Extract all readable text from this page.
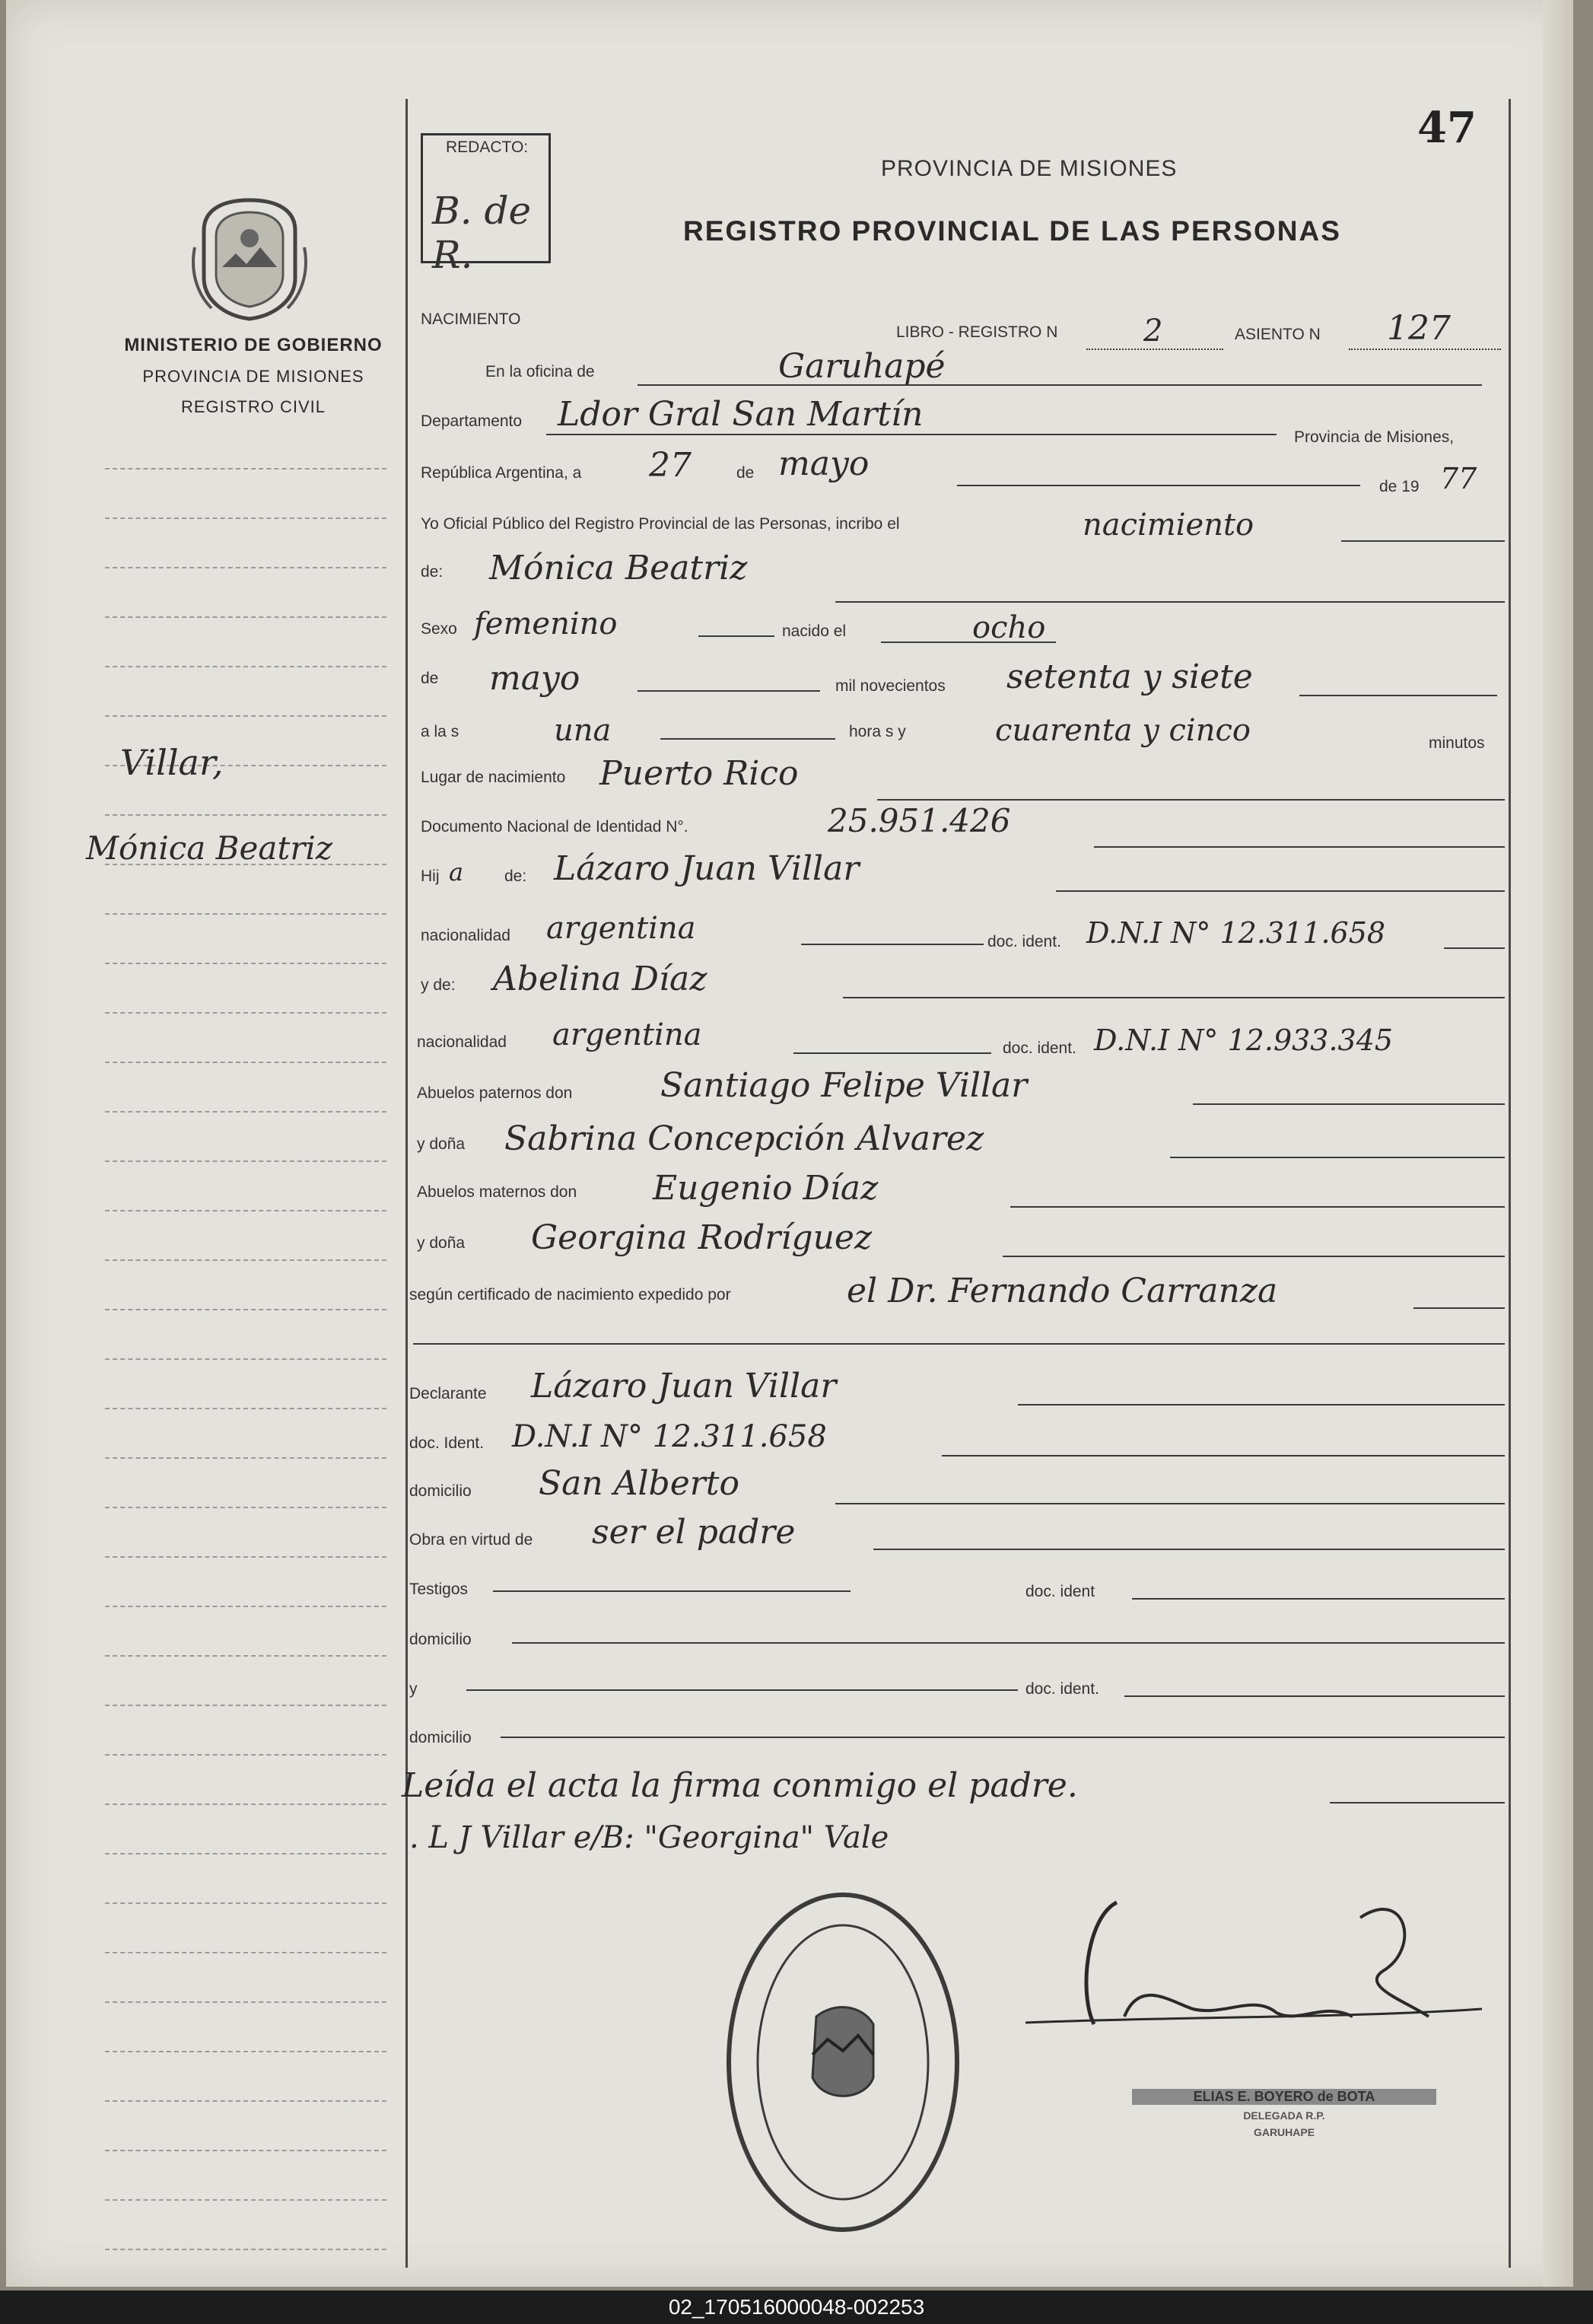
47
REDACTO:
B. de R.
PROVINCIA DE MISIONES
REGISTRO PROVINCIAL DE LAS PERSONAS
MINISTERIO DE GOBIERNO
PROVINCIA DE MISIONES
REGISTRO CIVIL
Villar,
Mónica Beatriz
NACIMIENTO
LIBRO - REGISTRO N	2	ASIENTO N 127
En la oficina de	Garuhapé
Departamento Ldor Gral San Martín
Provincia de Misiones,
República Argentina, a 27	de mayo
de 19 77
Yo Oficial Público del Registro Provincial de las Personas, incribo el	nacimiento
de: Mónica Beatriz
Sexo femenino	nacido el	ocho
de mayo	mil novecientos setenta y siete
a la s	una	hora s y	cuarenta y cinco	minutos
Lugar de nacimiento Puerto Rico
Documento Nacional de Identidad N°.	25.951.426
Hij a	de: Lázaro Juan Villar
nacionalidad argentina	doc. ident. D.N.I N° 12.311.658
y de: Abelina Díaz
nacionalidad argentina	doc. ident. D.N.I N° 12.933.345
Abuelos paternos don	Santiago Felipe Villar
y doña Sabrina Concepción Alvarez
Abuelos maternos don Eugenio Díaz
y doña Georgina Rodríguez
según certificado de nacimiento expedido por	el Dr. Fernando Carranza
Declarante Lázaro Juan Villar
doc. Ident. D.N.I N° 12.311.658
domicilio San Alberto
Obra en virtud de ser el padre
Testigos	doc. ident
domicilio
y	doc. ident.
domicilio
Leída el acta la firma conmigo el padre.
. L J Villar e/B: "Georgina" Vale
ELIAS E. BOYERO de BOTA
DELEGADA R.P.
GARUHAPE
02_170516000048-002253
